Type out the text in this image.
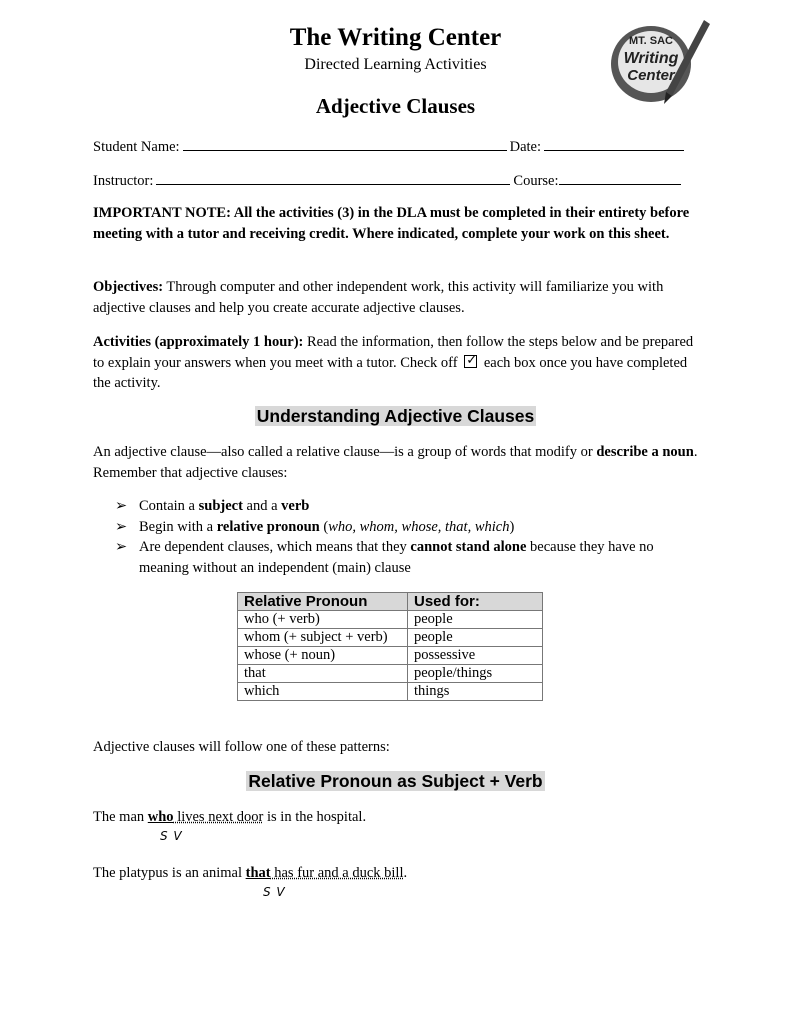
The Writing Center
Directed Learning Activities
MT. SAC
Writing
Center
Adjective Clauses
Student Name:	Date:
Instructor:	Course:
IMPORTANT NOTE: All the activities (3) in the DLA must be completed in their entirety before meeting with a tutor and receiving credit. Where indicated, complete your work on this sheet.
Objectives: Through computer and other independent work, this activity will familiarize you with adjective clauses and help you create accurate adjective clauses.
Activities (approximately 1 hour): Read the information, then follow the steps below and be prepared to explain your answers when you meet with a tutor. Check off ✓ each box once you have completed the activity.
Understanding Adjective Clauses
An adjective clause—also called a relative clause—is a group of words that modify or describe a noun. Remember that adjective clauses:
➢ Contain a subject and a verb
➢ Begin with a relative pronoun (who, whom, whose, that, which)
➢ Are dependent clauses, which means that they cannot stand alone because they have no meaning without an independent (main) clause
Relative Pronoun	Used for:
who (+ verb)	people
whom (+ subject + verb)	people
whose (+ noun)	possessive
that	people/things
which	things
Adjective clauses will follow one of these patterns:
Relative Pronoun as Subject + Verb
The man who lives next door is in the hospital.
S V
The platypus is an animal that has fur and a duck bill.
S V
